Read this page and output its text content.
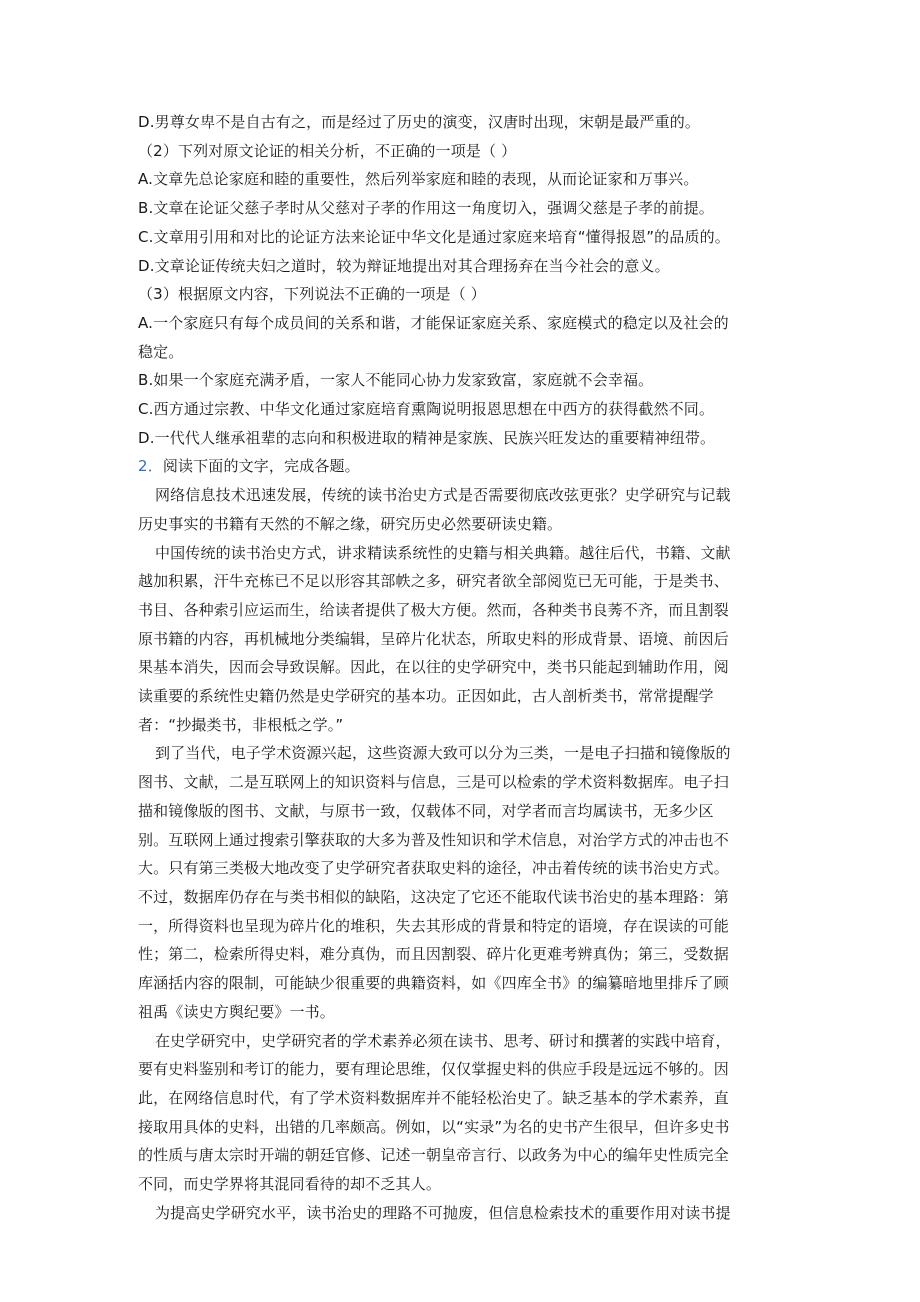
D.男尊女卑不是自古有之，而是经过了历史的演变，汉唐时出现，宋朝是最严重的。
（2）下列对原文论证的相关分析，不正确的一项是（ ）
A.文章先总论家庭和睦的重要性，然后列举家庭和睦的表现，从而论证家和万事兴。
B.文章在论证父慈子孝时从父慈对子孝的作用这一角度切入，强调父慈是子孝的前提。
C.文章用引用和对比的论证方法来论证中华文化是通过家庭来培育“懂得报恩”的品质的。
D.文章论证传统夫妇之道时，较为辩证地提出对其合理扬弃在当今社会的意义。
（3）根据原文内容，下列说法不正确的一项是（ ）
A.一个家庭只有每个成员间的关系和谐，才能保证家庭关系、家庭模式的稳定以及社会的
稳定。
B.如果一个家庭充满矛盾，一家人不能同心协力发家致富，家庭就不会幸福。
C.西方通过宗教、中华文化通过家庭培育熏陶说明报恩思想在中西方的获得截然不同。
D.一代代人继承祖辈的志向和积极进取的精神是家族、民族兴旺发达的重要精神纽带。
2．阅读下面的文字，完成各题。
网络信息技术迅速发展，传统的读书治史方式是否需要彻底改弦更张？史学研究与记载
历史事实的书籍有天然的不解之缘，研究历史必然要研读史籍。
中国传统的读书治史方式，讲求精读系统性的史籍与相关典籍。越往后代，书籍、文献
越加积累，汗牛充栋已不足以形容其部帙之多，研究者欲全部阅览已无可能，于是类书、
书目、各种索引应运而生，给读者提供了极大方便。然而，各种类书良莠不齐，而且割裂
原书籍的内容，再机械地分类编辑，呈碎片化状态，所取史料的形成背景、语境、前因后
果基本消失，因而会导致误解。因此，在以往的史学研究中，类书只能起到辅助作用，阅
读重要的系统性史籍仍然是史学研究的基本功。正因如此，古人剖析类书，常常提醒学
者：“抄撮类书，非根柢之学。”
到了当代，电子学术资源兴起，这些资源大致可以分为三类，一是电子扫描和镜像版的
图书、文献，二是互联网上的知识资料与信息，三是可以检索的学术资料数据库。电子扫
描和镜像版的图书、文献，与原书一致，仅载体不同，对学者而言均属读书，无多少区
别。互联网上通过搜索引擎获取的大多为普及性知识和学术信息，对治学方式的冲击也不
大。只有第三类极大地改变了史学研究者获取史料的途径，冲击着传统的读书治史方式。
不过，数据库仍存在与类书相似的缺陷，这决定了它还不能取代读书治史的基本理路：第
一，所得资料也呈现为碎片化的堆积，失去其形成的背景和特定的语境，存在误读的可能
性；第二，检索所得史料，难分真伪，而且因割裂、碎片化更难考辨真伪；第三，受数据
库涵括内容的限制，可能缺少很重要的典籍资料，如《四库全书》的编纂暗地里排斥了顾
祖禹《读史方舆纪要》一书。
在史学研究中，史学研究者的学术素养必须在读书、思考、研讨和撰著的实践中培育，
要有史料鉴别和考订的能力，要有理论思维，仅仅掌握史料的供应手段是远远不够的。因
此，在网络信息时代，有了学术资料数据库并不能轻松治史了。缺乏基本的学术素养，直
接取用具体的史料，出错的几率颇高。例如，以“实录”为名的史书产生很早，但许多史书
的性质与唐太宗时开端的朝廷官修、记述一朝皇帝言行、以政务为中心的编年史性质完全
不同，而史学界将其混同看待的却不乏其人。
为提高史学研究水平，读书治史的理路不可抛废，但信息检索技术的重要作用对读书提
